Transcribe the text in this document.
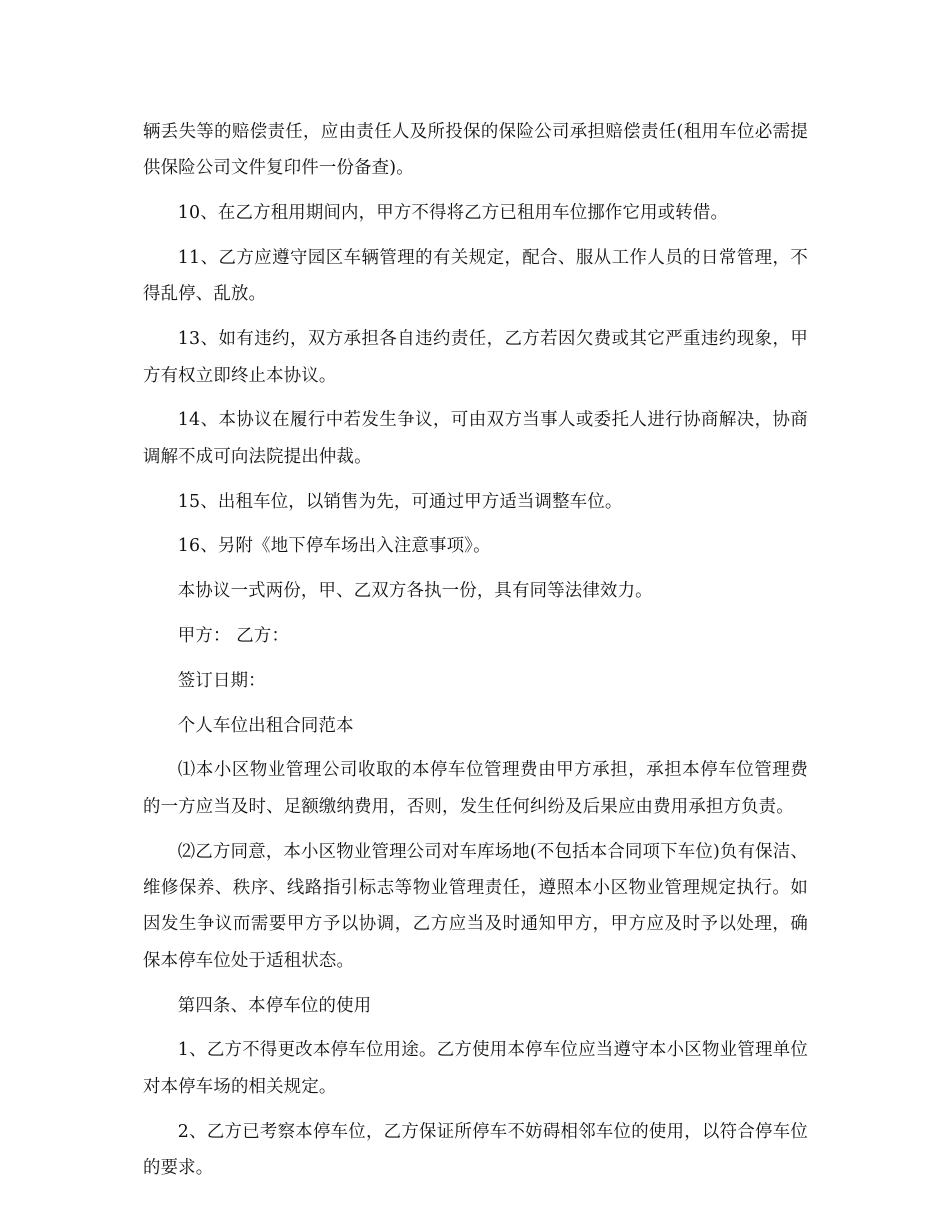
辆丢失等的赔偿责任，应由责任人及所投保的保险公司承担赔偿责任(租用车位必需提供保险公司文件复印件一份备查)。

10、在乙方租用期间内，甲方不得将乙方已租用车位挪作它用或转借。

11、乙方应遵守园区车辆管理的有关规定，配合、服从工作人员的日常管理，不得乱停、乱放。

13、如有违约，双方承担各自违约责任，乙方若因欠费或其它严重违约现象，甲方有权立即终止本协议。

14、本协议在履行中若发生争议，可由双方当事人或委托人进行协商解决，协商调解不成可向法院提出仲裁。

15、出租车位，以销售为先，可通过甲方适当调整车位。

16、另附《地下停车场出入注意事项》。

本协议一式两份，甲、乙双方各执一份，具有同等法律效力。

甲方： 乙方：

签订日期：

个人车位出租合同范本

⑴本小区物业管理公司收取的本停车位管理费由甲方承担，承担本停车位管理费的一方应当及时、足额缴纳费用，否则，发生任何纠纷及后果应由费用承担方负责。

⑵乙方同意，本小区物业管理公司对车库场地(不包括本合同项下车位)负有保洁、维修保养、秩序、线路指引标志等物业管理责任，遵照本小区物业管理规定执行。如因发生争议而需要甲方予以协调，乙方应当及时通知甲方，甲方应及时予以处理，确保本停车位处于适租状态。

第四条、本停车位的使用

1、乙方不得更改本停车位用途。乙方使用本停车位应当遵守本小区物业管理单位对本停车场的相关规定。

2、乙方已考察本停车位，乙方保证所停车不妨碍相邻车位的使用，以符合停车位的要求。
